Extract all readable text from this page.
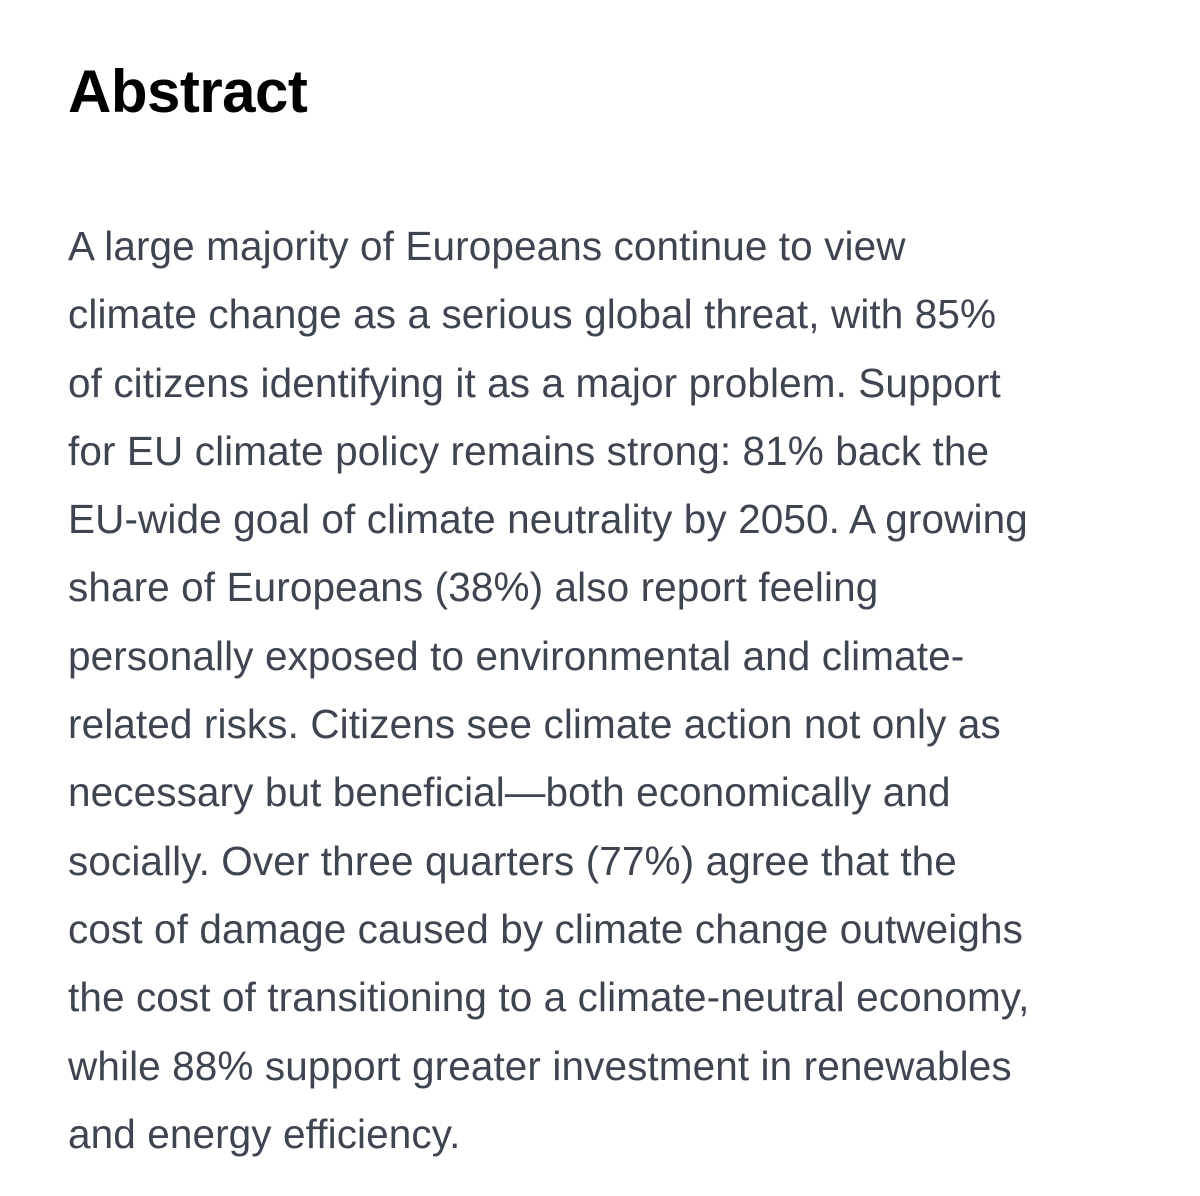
Abstract

A large majority of Europeans continue to view

climate change as a serious global threat, with 85%

of citizens identifying it as a major problem. Support

for EU climate policy remains strong: 81% back the

EU-wide goal of climate neutrality by 2050. A growing

share of Europeans (38%) also report feeling

personally exposed to environmental and climate-

related risks. Citizens see climate action not only as

necessary but beneficial—both economically and

socially. Over three quarters (77%) agree that the

cost of damage caused by climate change outweighs

the cost of transitioning to a climate-neutral economy,

while 88% support greater investment in renewables

and energy efficiency.
